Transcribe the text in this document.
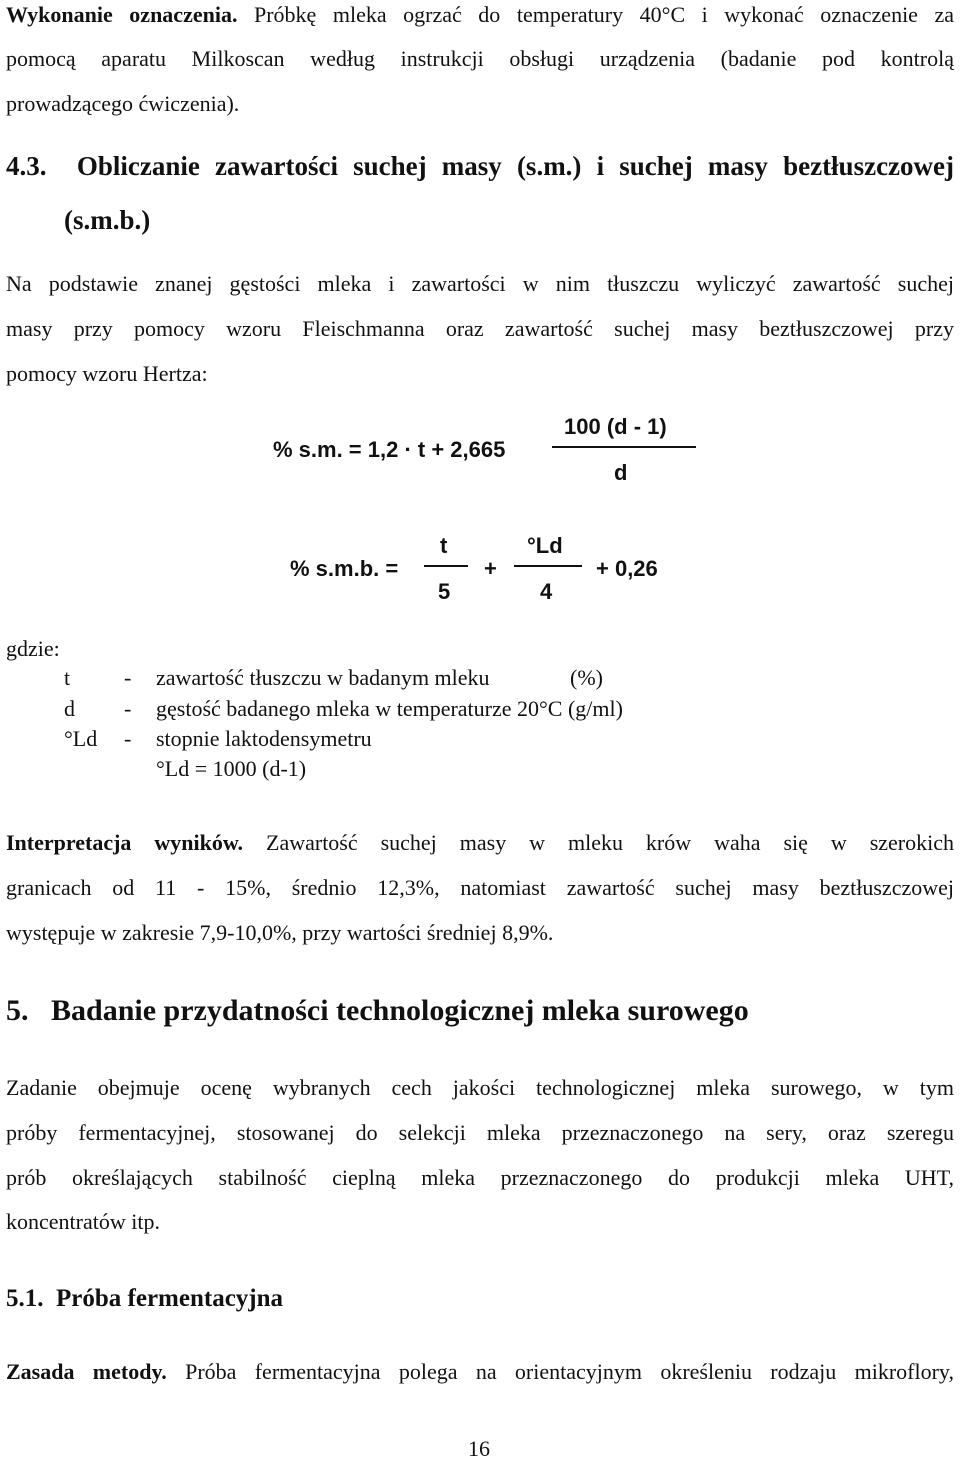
Wykonanie oznaczenia. Próbkę mleka ogrzać do temperatury 40°C i wykonać oznaczenie za
pomocą aparatu Milkoscan według instrukcji obsługi urządzenia (badanie pod kontrolą
prowadzącego ćwiczenia).
4.3. Obliczanie zawartości suchej masy (s.m.) i suchej masy beztłuszczowej
(s.m.b.)
Na podstawie znanej gęstości mleka i zawartości w nim tłuszczu wyliczyć zawartość suchej
masy przy pomocy wzoru Fleischmanna oraz zawartość suchej masy beztłuszczowej przy
pomocy wzoru Hertza:
% s.m. = 1,2 · t + 2,665
100 (d - 1)
d
% s.m.b. =
t
5
+
°Ld
4
+ 0,26
gdzie:
t - zawartość tłuszczu w badanym mleku	(%)
d - gęstość badanego mleka w temperaturze 20°C (g/ml)
°Ld - stopnie laktodensymetru
°Ld = 1000 (d-1)
Interpretacja wyników. Zawartość suchej masy w mleku krów waha się w szerokich
granicach od 11 - 15%, średnio 12,3%, natomiast zawartość suchej masy beztłuszczowej
występuje w zakresie 7,9-10,0%, przy wartości średniej 8,9%.
5. Badanie przydatności technologicznej mleka surowego
Zadanie obejmuje ocenę wybranych cech jakości technologicznej mleka surowego, w tym
próby fermentacyjnej, stosowanej do selekcji mleka przeznaczonego na sery, oraz szeregu
prób określających stabilność cieplną mleka przeznaczonego do produkcji mleka UHT,
koncentratów itp.
5.1. Próba fermentacyjna
Zasada metody. Próba fermentacyjna polega na orientacyjnym określeniu rodzaju mikroflory,
16
